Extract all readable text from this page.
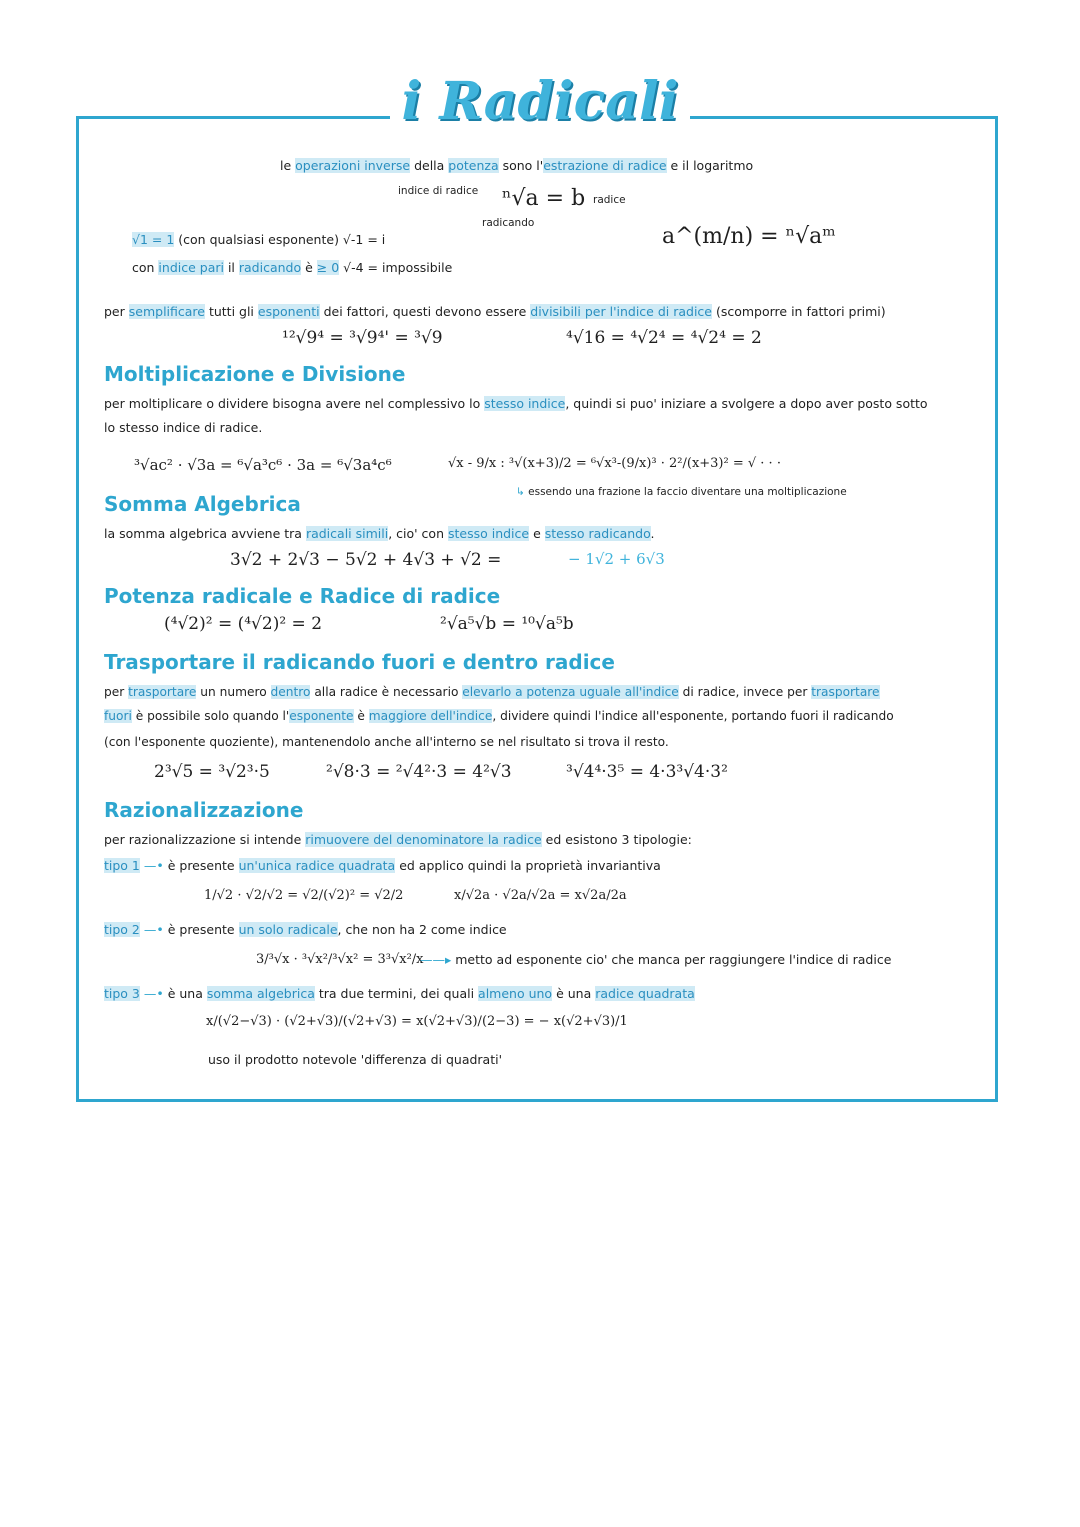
i Radicali
le operazioni inverse della potenza sono l'estrazione di radice e il logaritmo
indice di radice
radice
radicando
ⁿ√a = b
a^(m/n) = ⁿ√aᵐ
√1 = 1 (con qualsiasi esponente) √-1 = i
con indice pari il radicando è ≥ 0 √-4 = impossibile
per semplificare tutti gli esponenti dei fattori, questi devono essere divisibili per l'indice di radice (scomporre in fattori primi)
¹²√9⁴ = ³√9⁴' = ³√9	⁴√16 = ⁴√2⁴ = ⁴√2⁴ = 2
Moltiplicazione e Divisione
per moltiplicare o dividere bisogna avere nel complessivo lo stesso indice, quindi si puo' iniziare a svolgere a dopo aver posto sotto
lo stesso indice di radice.
³√ac² · √3a = ⁶√a³c⁶ · 3a = ⁶√3a⁴c⁶	√x - 9/x : ³√(x+3)/2 = ⁶√x³-(9/x)³ · 2²/(x+3)² = √ · · ·
↳ essendo una frazione la faccio diventare una moltiplicazione
Somma Algebrica
la somma algebrica avviene tra radicali simili, cio' con stesso indice e stesso radicando.
3√2 + 2√3 − 5√2 + 4√3 + √2 =	− 1√2 + 6√3
Potenza radicale e Radice di radice
(⁴√2)² = (⁴√2)² = 2	²√a⁵√b = ¹⁰√a⁵b
Trasportare il radicando fuori e dentro radice
per trasportare un numero dentro alla radice è necessario elevarlo a potenza uguale all'indice di radice, invece per trasportare
fuori è possibile solo quando l'esponente è maggiore dell'indice, dividere quindi l'indice all'esponente, portando fuori il radicando
(con l'esponente quoziente), mantenendolo anche all'interno se nel risultato si trova il resto.
2³√5 = ³√2³·5	²√8·3 = ²√4²·3 = 4²√3	³√4⁴·3⁵ = 4·3³√4·3²
Razionalizzazione
per razionalizzazione si intende rimuovere del denominatore la radice ed esistono 3 tipologie:
tipo 1 —• è presente un'unica radice quadrata ed applico quindi la proprietà invariantiva
1/√2 · √2/√2 = √2/(√2)² = √2/2	x/√2a · √2a/√2a = x√2a/2a
tipo 2 —• è presente un solo radicale, che non ha 2 come indice
3/³√x · ³√x²/³√x² = 3³√x²/x
——▸ metto ad esponente cio' che manca per raggiungere l'indice di radice
tipo 3 —• è una somma algebrica tra due termini, dei quali almeno uno è una radice quadrata
x/(√2−√3) · (√2+√3)/(√2+√3) = x(√2+√3)/(2−3) = − x(√2+√3)/1
uso il prodotto notevole 'differenza di quadrati'
